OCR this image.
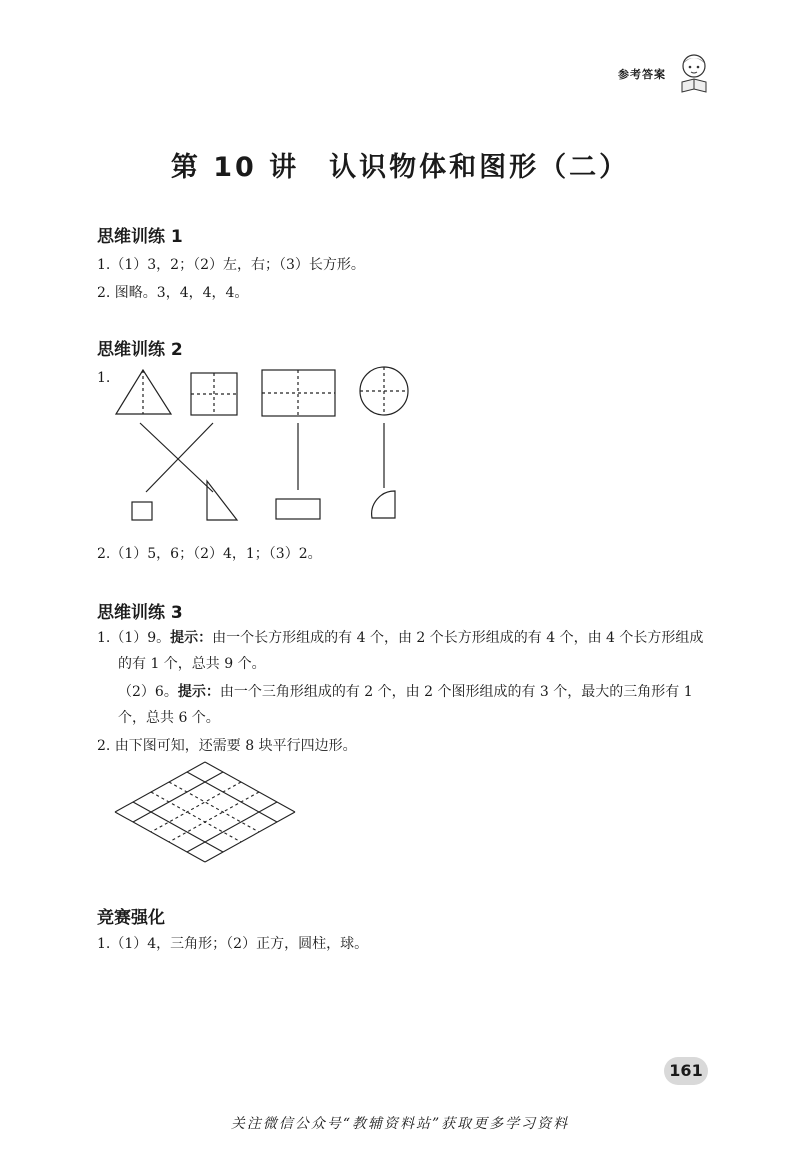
参考答案
第 10 讲　认识物体和图形（二）
思维训练 1
1.（1）3，2；（2）左，右；（3）长方形。
2. 图略。3，4，4，4。
思维训练 2
1.
2.（1）5，6；（2）4，1；（3）2。
思维训练 3
1.（1）9。提示：由一个长方形组成的有 4 个，由 2 个长方形组成的有 4 个，由 4 个长方形组成
的有 1 个，总共 9 个。
（2）6。提示：由一个三角形组成的有 2 个，由 2 个图形组成的有 3 个，最大的三角形有 1
个，总共 6 个。
2. 由下图可知，还需要 8 块平行四边形。
竞赛强化
1.（1）4，三角形；（2）正方，圆柱，球。
161
关注微信公众号“教辅资料站”获取更多学习资料
